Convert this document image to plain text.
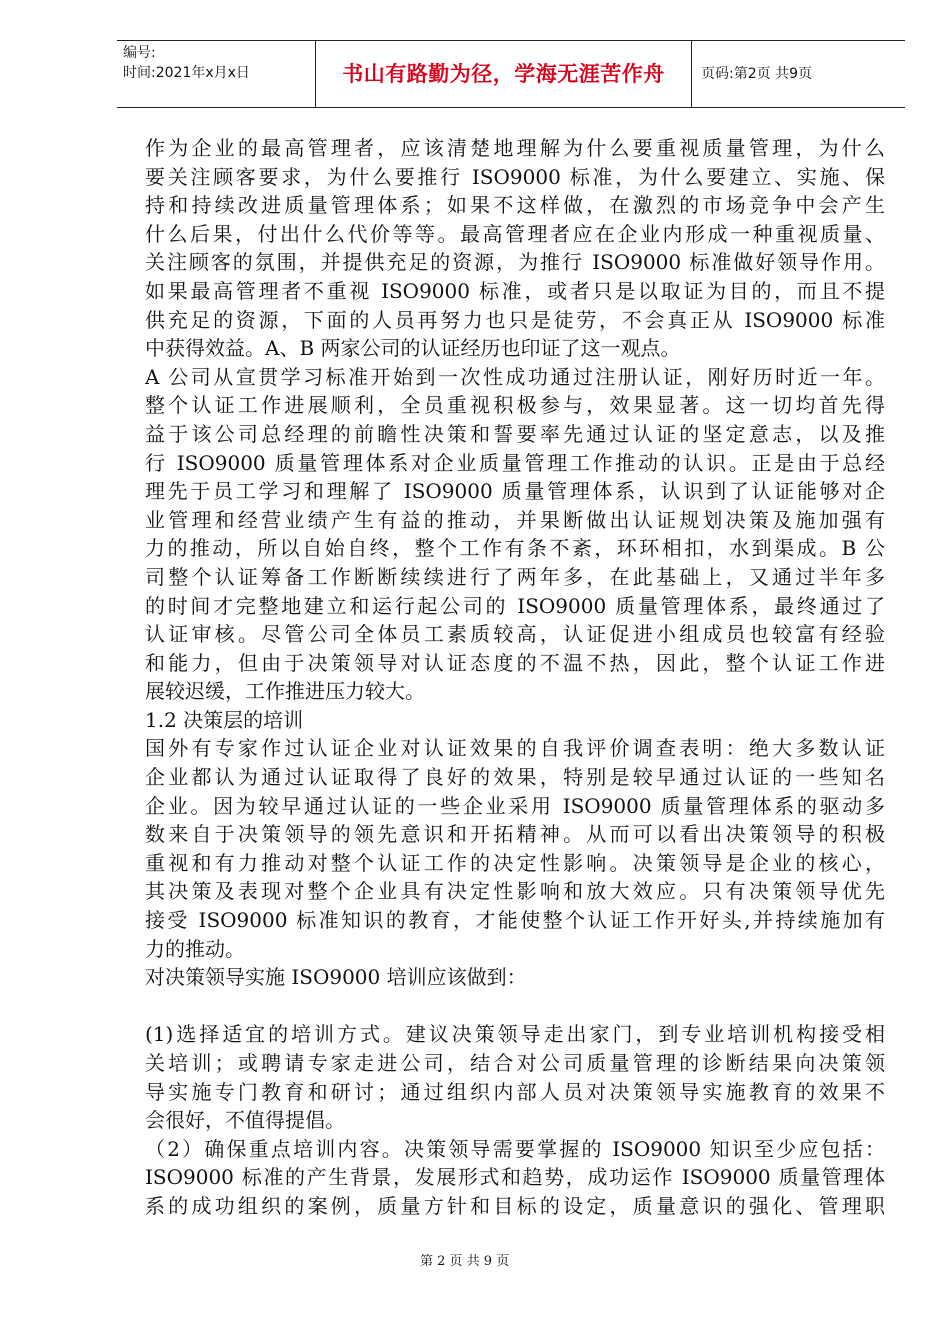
编号:
时间:2021年x月x日	书山有路勤为径，学海无涯苦作舟	页码:第2页 共9页
作为企业的最高管理者，应该清楚地理解为什么要重视质量管理，为什么
要关注顾客要求，为什么要推行 ISO9000 标准，为什么要建立、实施、保
持和持续改进质量管理体系；如果不这样做，在激烈的市场竞争中会产生
什么后果，付出什么代价等等。最高管理者应在企业内形成一种重视质量、
关注顾客的氛围，并提供充足的资源，为推行 ISO9000 标准做好领导作用。
如果最高管理者不重视 ISO9000 标准，或者只是以取证为目的，而且不提
供充足的资源，下面的人员再努力也只是徒劳，不会真正从 ISO9000 标准
中获得效益。A、B 两家公司的认证经历也印证了这一观点。
A 公司从宣贯学习标准开始到一次性成功通过注册认证，刚好历时近一年。
整个认证工作进展顺利，全员重视积极参与，效果显著。这一切均首先得
益于该公司总经理的前瞻性决策和誓要率先通过认证的坚定意志，以及推
行 ISO9000 质量管理体系对企业质量管理工作推动的认识。正是由于总经
理先于员工学习和理解了 ISO9000 质量管理体系，认识到了认证能够对企
业管理和经营业绩产生有益的推动，并果断做出认证规划决策及施加强有
力的推动，所以自始自终，整个工作有条不紊，环环相扣，水到渠成。B 公
司整个认证筹备工作断断续续进行了两年多，在此基础上，又通过半年多
的时间才完整地建立和运行起公司的 ISO9000 质量管理体系，最终通过了
认证审核。尽管公司全体员工素质较高，认证促进小组成员也较富有经验
和能力，但由于决策领导对认证态度的不温不热，因此，整个认证工作进
展较迟缓，工作推进压力较大。
1.2 决策层的培训
国外有专家作过认证企业对认证效果的自我评价调查表明：绝大多数认证
企业都认为通过认证取得了良好的效果，特别是较早通过认证的一些知名
企业。因为较早通过认证的一些企业采用 ISO9000 质量管理体系的驱动多
数来自于决策领导的领先意识和开拓精神。从而可以看出决策领导的积极
重视和有力推动对整个认证工作的决定性影响。决策领导是企业的核心，
其决策及表现对整个企业具有决定性影响和放大效应。只有决策领导优先
接受 ISO9000 标准知识的教育，才能使整个认证工作开好头,并持续施加有
力的推动。
对决策领导实施 ISO9000 培训应该做到：
(1)选择适宜的培训方式。建议决策领导走出家门，到专业培训机构接受相
关培训；或聘请专家走进公司，结合对公司质量管理的诊断结果向决策领
导实施专门教育和研讨；通过组织内部人员对决策领导实施教育的效果不
会很好，不值得提倡。
（2）确保重点培训内容。决策领导需要掌握的 ISO9000 知识至少应包括：
ISO9000 标准的产生背景，发展形式和趋势，成功运作 ISO9000 质量管理体
系的成功组织的案例，质量方针和目标的设定，质量意识的强化、管理职
第 2 页 共 9 页
